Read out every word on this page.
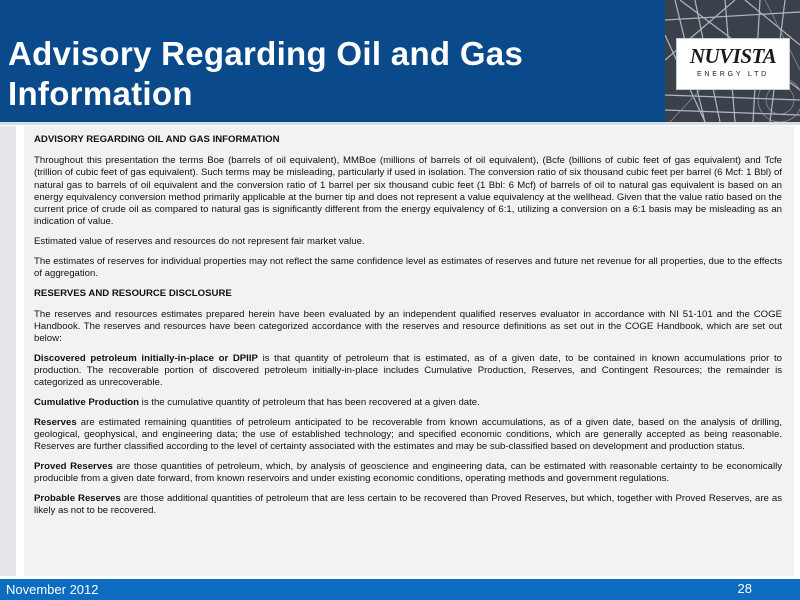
Advisory Regarding Oil and Gas Information
NUVISTA
ENERGY LTD

ADVISORY REGARDING OIL AND GAS INFORMATION

Throughout this presentation the terms Boe (barrels of oil equivalent), MMBoe (millions of barrels of oil equivalent), (Bcfe (billions of cubic feet of gas equivalent) and Tcfe (trillion of cubic feet of gas equivalent). Such terms may be misleading, particularly if used in isolation. The conversion ratio of six thousand cubic feet per barrel (6 Mcf: 1 Bbl) of natural gas to barrels of oil equivalent and the conversion ratio of 1 barrel per six thousand cubic feet (1 Bbl: 6 Mcf) of barrels of oil to natural gas equivalent is based on an energy equivalency conversion method primarily applicable at the burner tip and does not represent a value equivalency at the wellhead. Given that the value ratio based on the current price of crude oil as compared to natural gas is significantly different from the energy equivalency of 6:1, utilizing a conversion on a 6:1 basis may be misleading as an indication of value.

Estimated value of reserves and resources do not represent fair market value.

The estimates of reserves for individual properties may not reflect the same confidence level as estimates of reserves and future net revenue for all properties, due to the effects of aggregation.

RESERVES AND RESOURCE DISCLOSURE

The reserves and resources estimates prepared herein have been evaluated by an independent qualified reserves evaluator in accordance with NI 51-101 and the COGE Handbook. The reserves and resources have been categorized accordance with the reserves and resource definitions as set out in the COGE Handbook, which are set out below:

Discovered petroleum initially-in-place or DPIIP is that quantity of petroleum that is estimated, as of a given date, to be contained in known accumulations prior to production. The recoverable portion of discovered petroleum initially-in-place includes Cumulative Production, Reserves, and Contingent Resources; the remainder is categorized as unrecoverable.

Cumulative Production is the cumulative quantity of petroleum that has been recovered at a given date.

Reserves are estimated remaining quantities of petroleum anticipated to be recoverable from known accumulations, as of a given date, based on the analysis of drilling, geological, geophysical, and engineering data; the use of established technology; and specified economic conditions, which are generally accepted as being reasonable. Reserves are further classified according to the level of certainty associated with the estimates and may be sub-classified based on development and production status.

Proved Reserves are those quantities of petroleum, which, by analysis of geoscience and engineering data, can be estimated with reasonable certainty to be economically producible from a given date forward, from known reservoirs and under existing economic conditions, operating methods and government regulations.

Probable Reserves are those additional quantities of petroleum that are less certain to be recovered than Proved Reserves, but which, together with Proved Reserves, are as likely as not to be recovered.

November 2012	28
